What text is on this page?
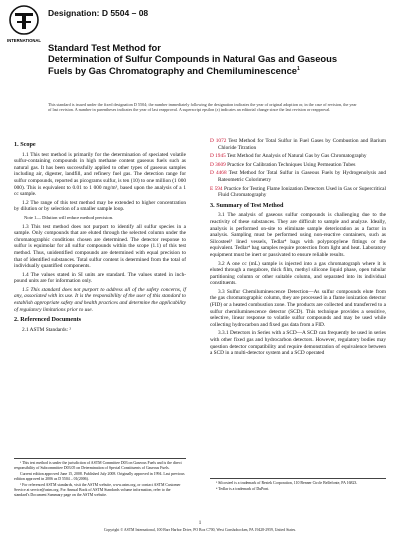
INTERNATIONAL
Designation: D 5504 – 08
Standard Test Method for
Determination of Sulfur Compounds in Natural Gas and Gaseous Fuels by Gas Chromatography and Chemiluminescence$^1$
This standard is issued under the fixed designation D 5504; the number immediately following the designation indicates the year of original adoption or, in the case of revision, the year of last revision. A number in parentheses indicates the year of last reapproval. A superscript epsilon (ε) indicates an editorial change since the last revision or reapproval.
1. Scope

1.1 This test method is primarily for the determination of speciated volatile sulfur-containing compounds in high methane content gaseous fuels such as natural gas. It has been successfully applied to other types of gaseous samples including air, digester, landfill, and refinery fuel gas. The detection range for sulfur compounds, reported as picograms sulfur, is ten (10) to one million (1 000 000). This is equivalent to 0.01 to 1 000 mg/m³, based upon the analysis of a 1 cc sample.

1.2 The range of this test method may be extended to higher concentration by dilution or by selection of a smaller sample loop.

Note 1— Dilution will reduce method precision.

1.3 This test method does not purport to identify all sulfur species in a sample. Only compounds that are eluted through the selected column under the chromatographic conditions chosen are determined. The detector response to sulfur is equimolar for all sulfur compounds within the scope (1.1) of this test method. Thus, unidentified compounds are determined with equal precision to that of identified substances. Total sulfur content is determined from the total of individually quantified components.

1.4 The values stated in SI units are standard. The values stated in inch-pound units are for information only.

1.5 This standard does not purport to address all of the safety concerns, if any, associated with its use. It is the responsibility of the user of this standard to establish appropriate safety and health practices and determine the applicability of regulatory limitations prior to use.

2. Referenced Documents

2.1 ASTM Standards: ²

D 1072 Test Method for Total Sulfur in Fuel Gases by Combustion and Barium Chloride Titration

D 1945 Test Method for Analysis of Natural Gas by Gas Chromatography

D 3609 Practice for Calibration Techniques Using Permeation Tubes

D 4468 Test Method for Total Sulfur in Gaseous Fuels by Hydrogenolysis and Rateometric Colorimetry

E 594 Practice for Testing Flame Ionization Detectors Used in Gas or Supercritical Fluid Chromatography

3. Summary of Test Method

3.1 The analysis of gaseous sulfur compounds is challenging due to the reactivity of these substances. They are difficult to sample and analyze. Ideally, analysis is performed on-site to eliminate sample deterioration as a factor in analysis. Sampling must be performed using non-reactive containers, such as Silcosteel³ lined vessels, Tedlar⁴ bags with polypropylene fittings or the equivalent. Tedlar⁴ bag samples require protection from light and heat. Laboratory equipment must be inert or passivated to ensure reliable results.

3.2 A one cc (mL) sample is injected into a gas chromatograph where it is eluted through a megabore, thick film, methyl silicone liquid phase, open tubular partitioning column or other suitable column, and separated into its individual constituents.

3.3 Sulfur Chemiluminescence Detection—As sulfur compounds elute from the gas chromatographic column, they are processed in a flame ionization detector (FID) or a heated combustion zone. The products are collected and transferred to a sulfur chemiluminescence detector (SCD). This technique provides a sensitive, selective, linear response to volatile sulfur compounds and may be used while collecting hydrocarbon and fixed gas data from a FID.

3.3.1 Detectors in Series with a SCD—A SCD can frequently be used in series with other fixed gas and hydrocarbon detectors. However, regulatory bodies may question detector compatibility and require demonstration of equivalence between a SCD in a multi-detector system and a SCD operated

¹ This test method is under the jurisdiction of ASTM Committee D03 on Gaseous Fuels and is the direct responsibility of Subcommittee D03.05 on Determination of Special Constituents of Gaseous Fuels.

Current edition approved June 15, 2008. Published July 2008. Originally approved in 1994. Last previous edition approved in 2006 as D 5504 – 01(2006).

² For referenced ASTM standards, visit the ASTM website, www.astm.org, or contact ASTM Customer Service at service@astm.org. For Annual Book of ASTM Standards volume information, refer to the standard's Document Summary page on the ASTM website.

³ Silcosteel is a trademark of Restek Corporation, 110 Benner Circle Bellefonte, PA 16823.

⁴ Tedlar is a trademark of DuPont.

1
Copyright © ASTM International, 100 Barr Harbor Drive, PO Box C700, West Conshohocken, PA 19428-2959, United States.
